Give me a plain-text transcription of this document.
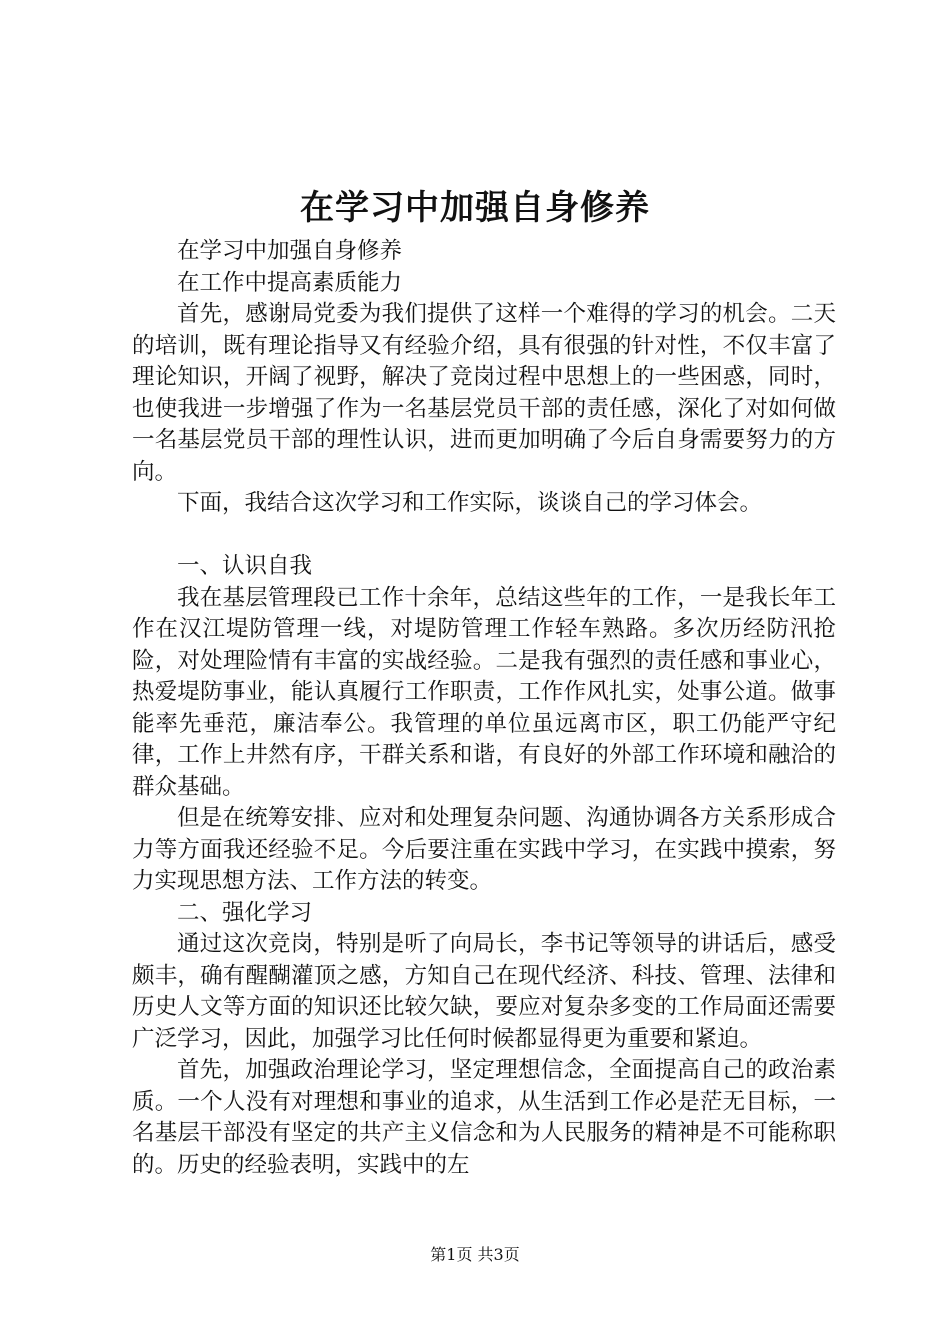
在学习中加强自身修养

在学习中加强自身修养

在工作中提高素质能力

首先，感谢局党委为我们提供了这样一个难得的学习的机会。二天的培训，既有理论指导又有经验介绍，具有很强的针对性，不仅丰富了理论知识，开阔了视野，解决了竞岗过程中思想上的一些困惑，同时，也使我进一步增强了作为一名基层党员干部的责任感，深化了对如何做一名基层党员干部的理性认识，进而更加明确了今后自身需要努力的方向。

下面，我结合这次学习和工作实际，谈谈自己的学习体会。

一、认识自我

我在基层管理段已工作十余年，总结这些年的工作，一是我长年工作在汉江堤防管理一线，对堤防管理工作轻车熟路。多次历经防汛抢险，对处理险情有丰富的实战经验。二是我有强烈的责任感和事业心，热爱堤防事业，能认真履行工作职责，工作作风扎实，处事公道。做事能率先垂范，廉洁奉公。我管理的单位虽远离市区，职工仍能严守纪律，工作上井然有序，干群关系和谐，有良好的外部工作环境和融洽的群众基础。

但是在统筹安排、应对和处理复杂问题、沟通协调各方关系形成合力等方面我还经验不足。今后要注重在实践中学习，在实践中摸索，努力实现思想方法、工作方法的转变。

二、强化学习

通过这次竞岗，特别是听了向局长，李书记等领导的讲话后，感受颇丰，确有醒醐灌顶之感，方知自己在现代经济、科技、管理、法律和历史人文等方面的知识还比较欠缺，要应对复杂多变的工作局面还需要广泛学习，因此，加强学习比任何时候都显得更为重要和紧迫。

首先，加强政治理论学习，坚定理想信念，全面提高自己的政治素质。一个人没有对理想和事业的追求，从生活到工作必是茫无目标，一名基层干部没有坚定的共产主义信念和为人民服务的精神是不可能称职的。历史的经验表明，实践中的左

第1页 共3页
